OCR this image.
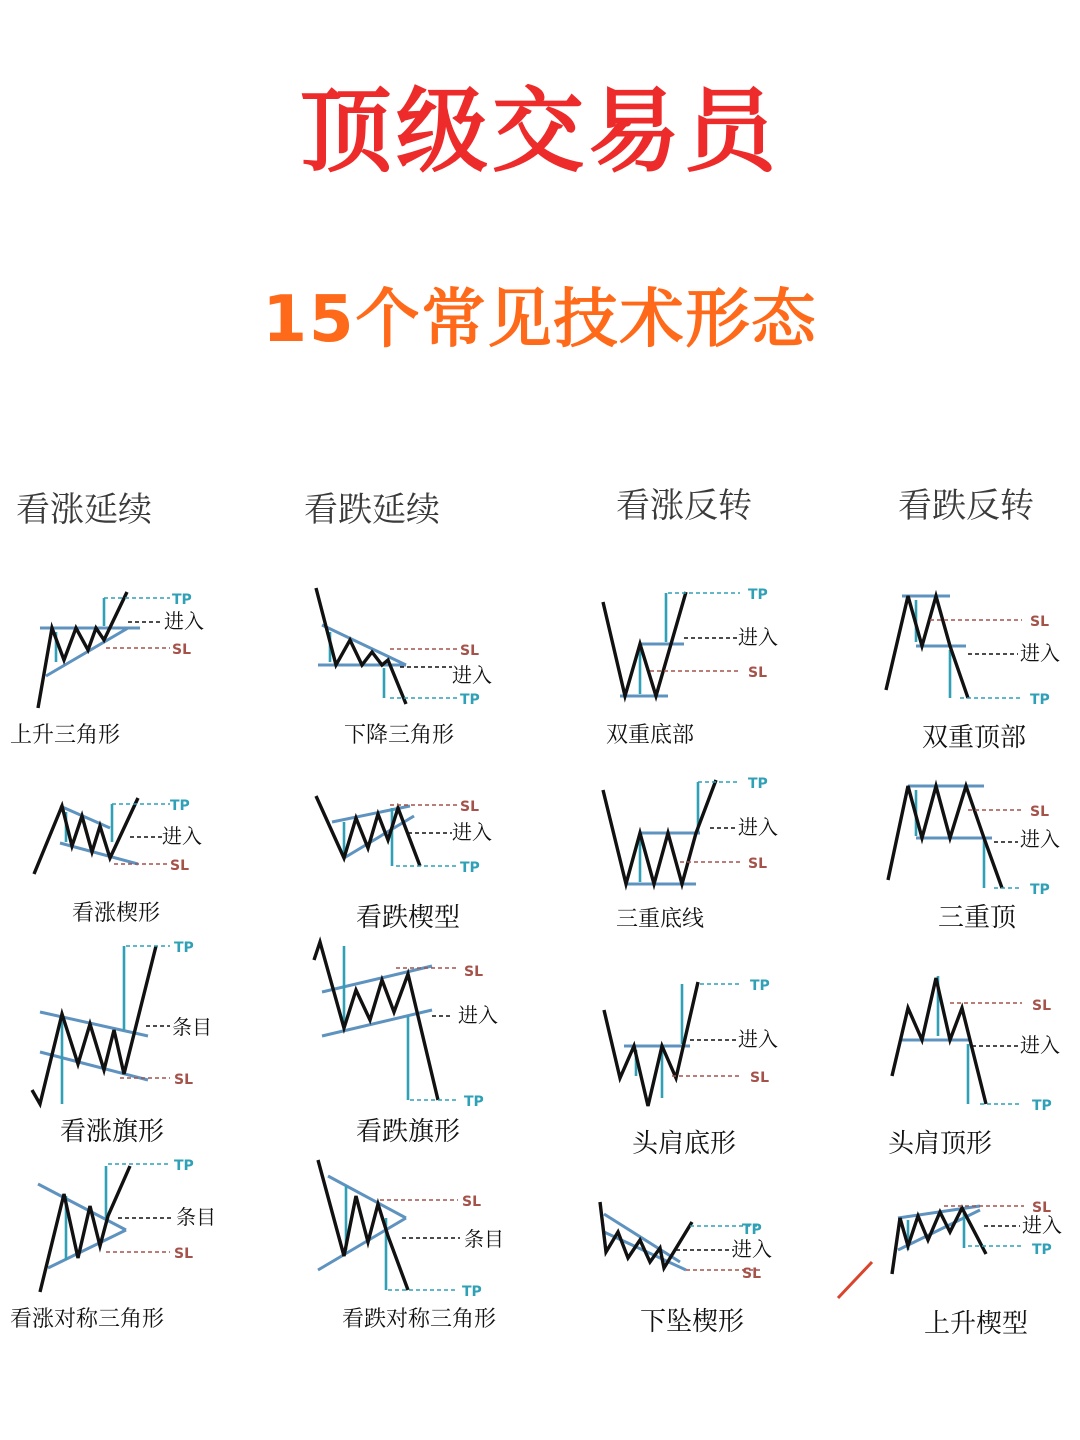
顶级交易员
15个常见技术形态
看涨延续	看跌延续	看涨反转	看跌反转
TP
进入
SL
上升三角形
SL
进入
TP
下降三角形
TP
进入
SL
双重底部
SL
进入
TP
双重顶部
TP
进入
SL
看涨楔形
SL
进入
TP
看跌楔型
TP
进入
SL
三重底线
SL
进入
TP
三重顶
TP
条目
SL
看涨旗形
SL
进入
TP
看跌旗形
TP
进入
SL
头肩底形
SL
进入
TP
头肩顶形
TP
条目
SL
看涨对称三角形
SL
条目
TP
看跌对称三角形
TP
进入
SL
下坠楔形
SL
进入
TP
上升楔型
